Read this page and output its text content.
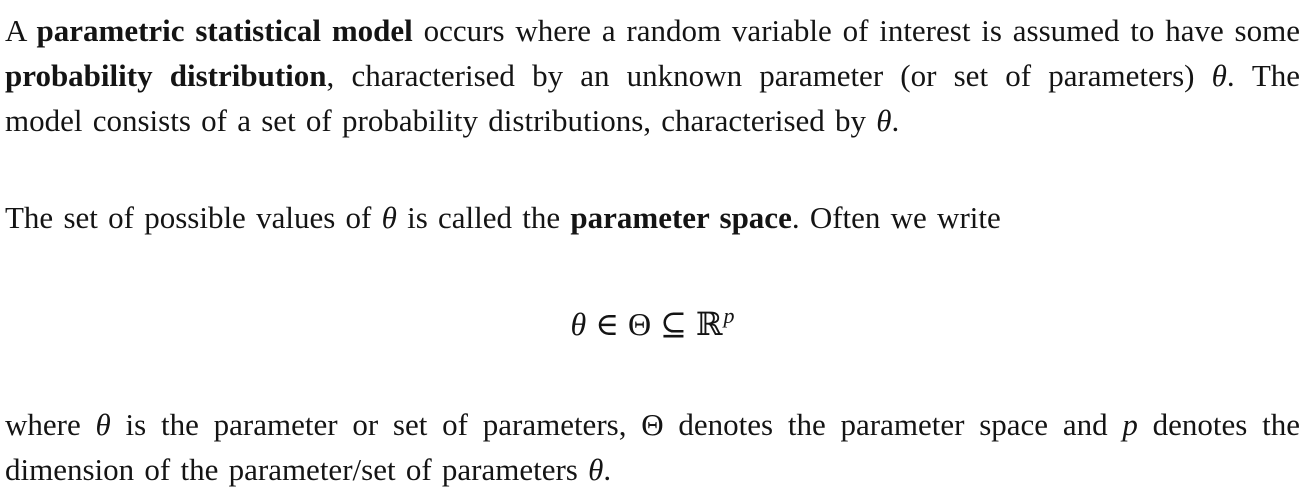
A parametric statistical model occurs where a random variable of interest is assumed to have some probability distribution, characterised by an unknown parameter (or set of parameters) θ. The model consists of a set of probability distributions, characterised by θ.

The set of possible values of θ is called the parameter space. Often we write

θ ∈ Θ ⊆ ℝ$^p$

where θ is the parameter or set of parameters, Θ denotes the parameter space and p denotes the dimension of the parameter/set of parameters θ.
